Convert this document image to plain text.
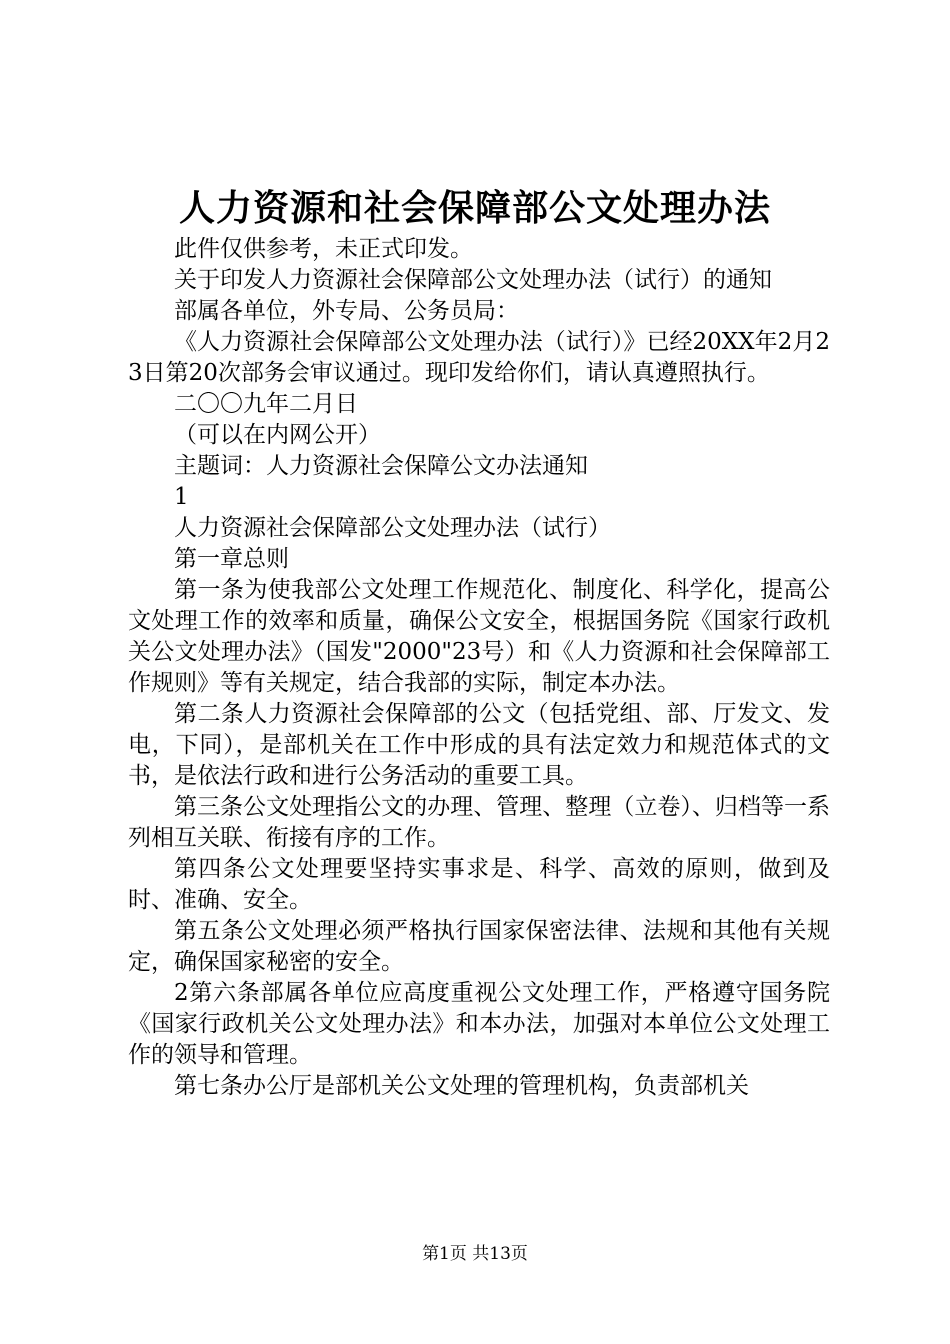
人力资源和社会保障部公文处理办法

此件仅供参考，未正式印发。

关于印发人力资源社会保障部公文处理办法（试行）的通知

部属各单位，外专局、公务员局：

《人力资源社会保障部公文处理办法（试行）》已经20XX年2月23日第20次部务会审议通过。现印发给你们，请认真遵照执行。

二〇〇九年二月日

（可以在内网公开）

主题词：人力资源社会保障公文办法通知

1

人力资源社会保障部公文处理办法（试行）

第一章总则

第一条为使我部公文处理工作规范化、制度化、科学化，提高公文处理工作的效率和质量，确保公文安全，根据国务院《国家行政机关公文处理办法》（国发"2000"23号）和《人力资源和社会保障部工作规则》等有关规定，结合我部的实际，制定本办法。

第二条人力资源社会保障部的公文（包括党组、部、厅发文、发电，下同），是部机关在工作中形成的具有法定效力和规范体式的文书，是依法行政和进行公务活动的重要工具。

第三条公文处理指公文的办理、管理、整理（立卷）、归档等一系列相互关联、衔接有序的工作。

第四条公文处理要坚持实事求是、科学、高效的原则，做到及时、准确、安全。

第五条公文处理必须严格执行国家保密法律、法规和其他有关规定，确保国家秘密的安全。

2第六条部属各单位应高度重视公文处理工作，严格遵守国务院《国家行政机关公文处理办法》和本办法，加强对本单位公文处理工作的领导和管理。

第七条办公厅是部机关公文处理的管理机构，负责部机关

第1页 共13页
